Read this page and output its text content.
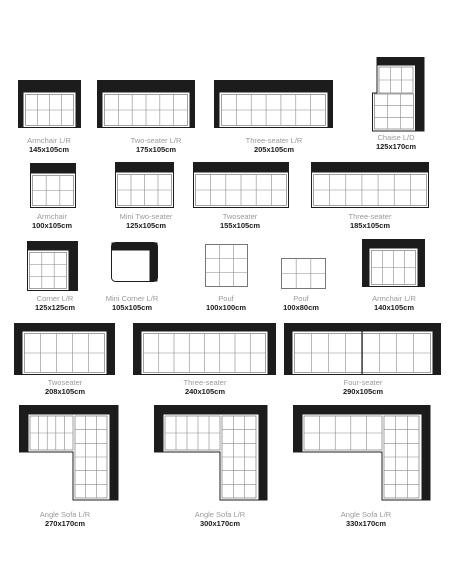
Armchair L/R
145x105cm
Two-seater L/R
175x105cm
Three-seater L/R
205x105cm
Chaise L/D
125x170cm
Armchair
100x105cm
Mini Two-seater
125x105cm
Twoseater
155x105cm
Three-seater
185x105cm
Corner L/R
125x125cm
Mini Corner L/R
105x105cm
Pouf
100x100cm
Pouf
100x80cm
Armchair L/R
140x105cm
Twoseater
208x105cm
Three-seater
240x105cm
Four-seater
290x105cm
Angle Sofa L/R
270x170cm
Angle Sofa L/R
300x170cm
Angle Sofa L/R
330x170cm
